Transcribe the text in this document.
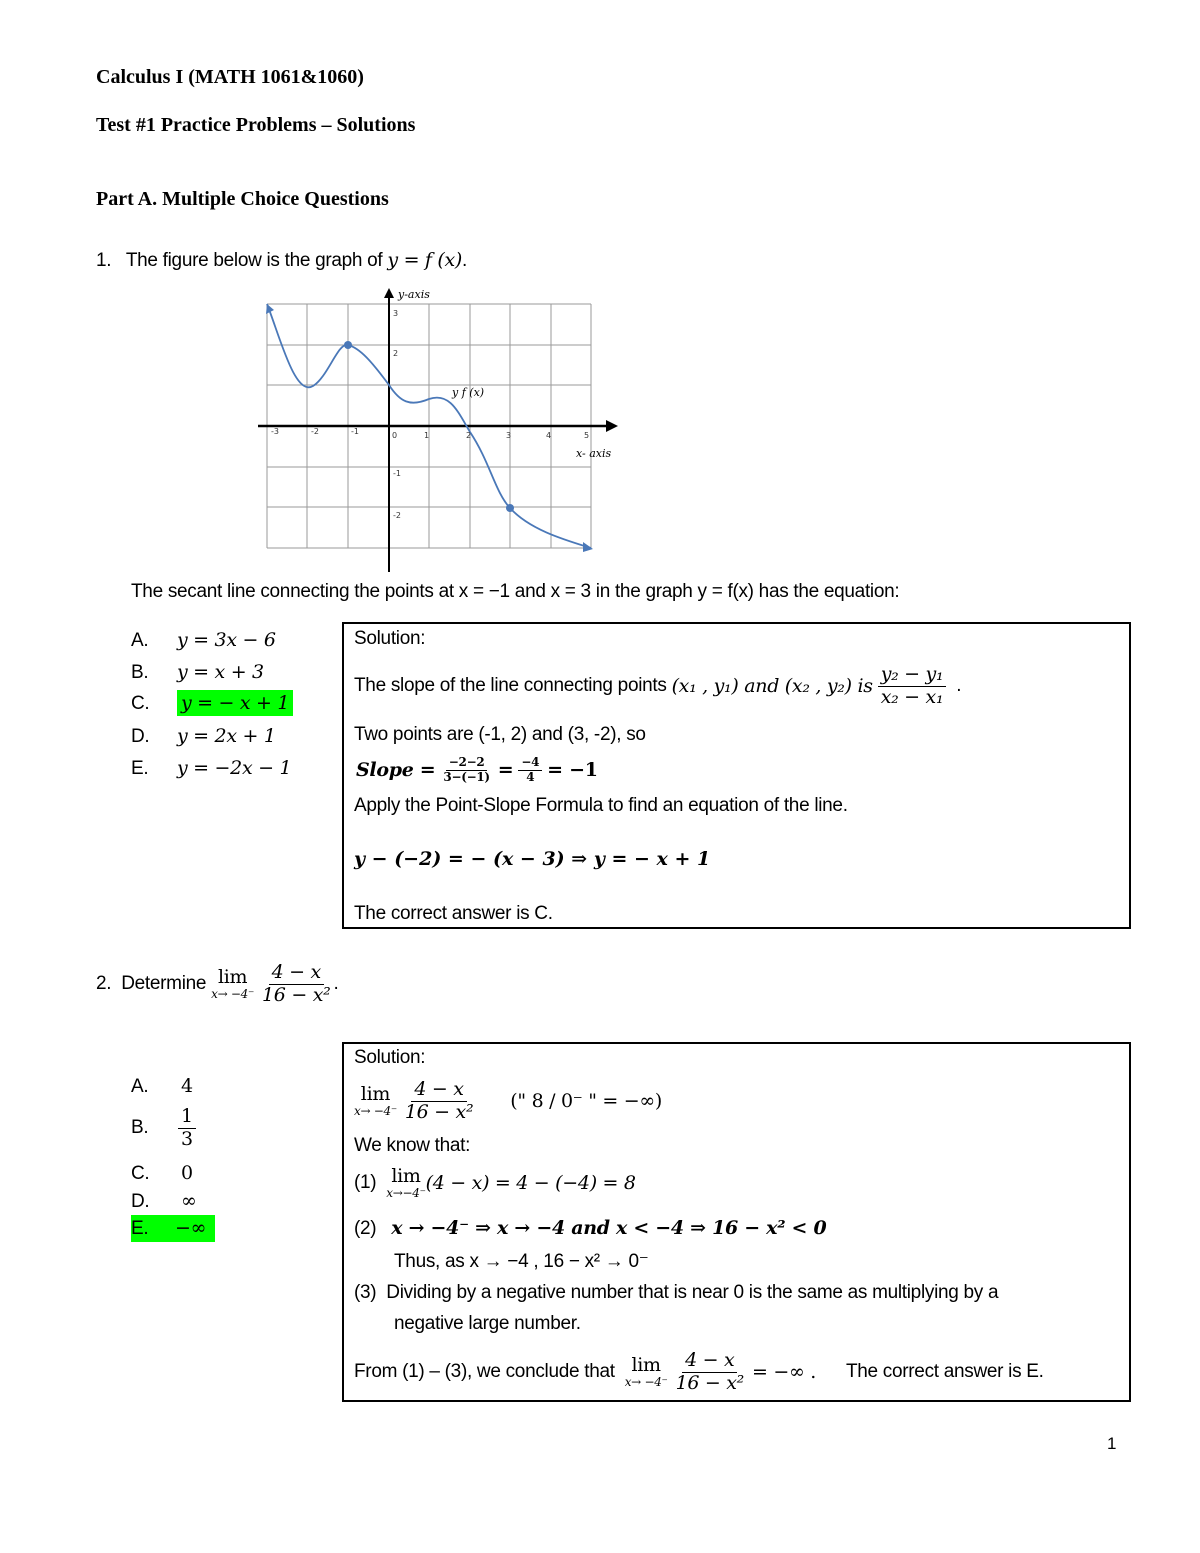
Calculus I (MATH 1061&1060)
Test #1 Practice Problems – Solutions
Part A. Multiple Choice Questions
1. The figure below is the graph of y = f (x).
y-axis
x- axis
y f (x)
-3	-2	-1	0	1	2	3	4	5
3
2
-1
-2
The secant line connecting the points at x = −1 and x = 3 in the graph y = f(x) has the equation:
A. y = 3x − 6
B. y = x + 3
C. y = − x + 1
D. y = 2x + 1
E. y = −2x − 1
Solution:
The slope of the line connecting points
(x₁ , y₁) and (x₂ , y₂) is
$\frac{\text{y₂ − y₁}}{\text{x₂ − x₁}}$ .
Two points are (-1, 2) and (3, -2), so
Slope =
$\frac{-2-2}{3-(-1)}$
=
$\frac{-4}{4}$
= −1
Apply the Point-Slope Formula to find an equation of the line.
y − (−2) = − (x − 3) ⇒ y = − x + 1
The correct answer is C.
2.
Determine
lim
x→ −4⁻
$\frac{4 - x}{\text{16 − x²}}$ .
A. 4
B.	$\frac{1}{3}$
C. 0
D. ∞
E. −∞
Solution:
lim
x→ −4⁻
$\frac{4 - x}{\text{16 − x²}}$ (" 8 / 0⁻ " = −∞)
We know that:
(1)
lim
x→−4⁻ (4 − x) = 4 − (−4) = 8
(2) x → −4⁻ ⇒ x → −4 and x < −4 ⇒ 16 − x² < 0
Thus, as x → −4 , 16 − x² → 0⁻
(3) Dividing by a negative number that is near 0 is the same as multiplying by a
negative large number.
From (1) – (3), we conclude that
lim
x→ −4⁻
$\frac{4 - x}{\text{16 − x²}}$
= −∞ . The correct answer is E.
1
